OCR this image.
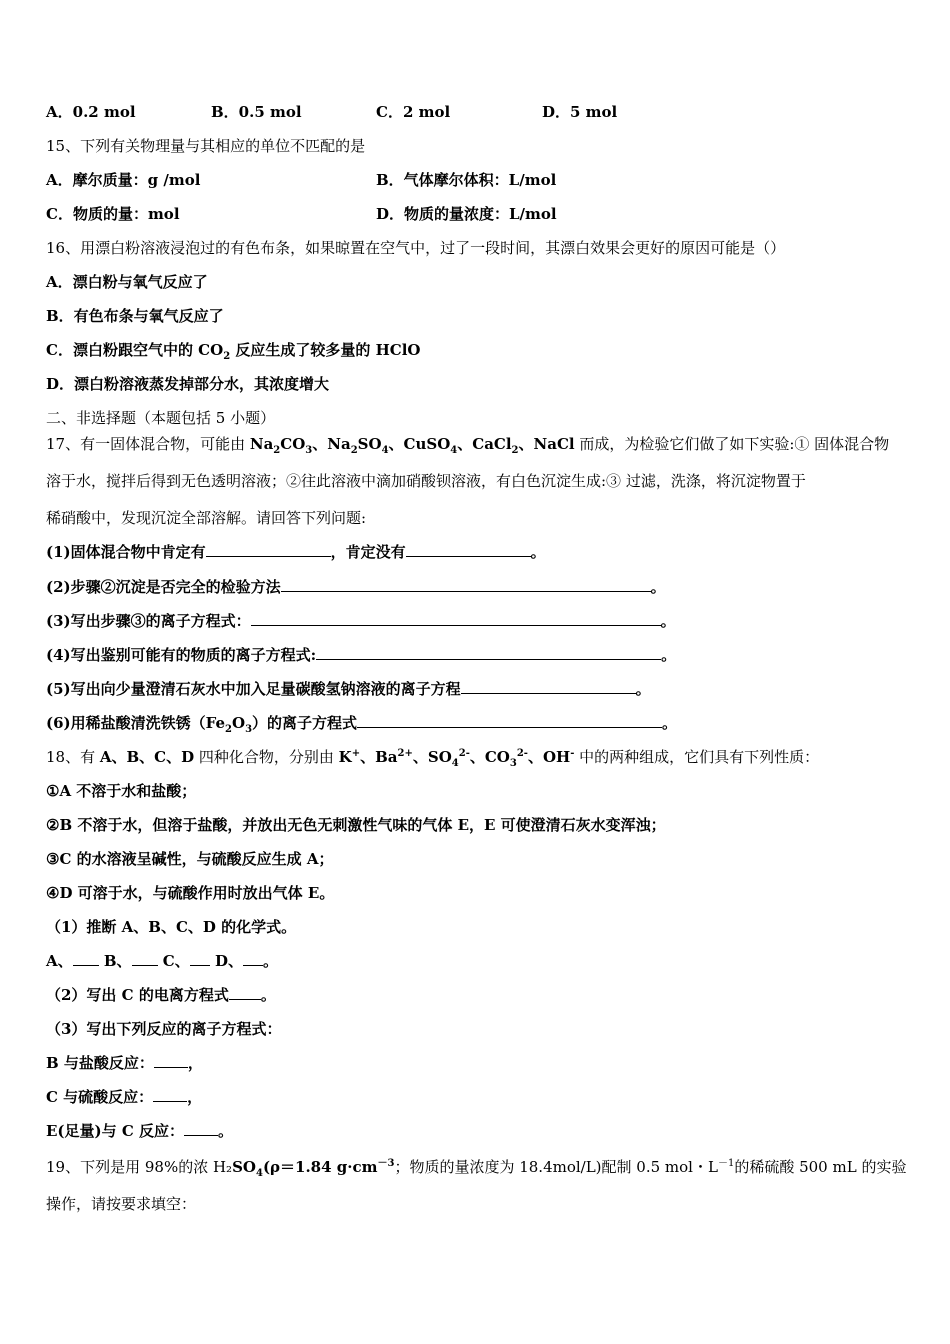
A．0.2 mol	B．0.5 mol	C．2 mol	D．5 mol
15、下列有关物理量与其相应的单位不匹配的是
A．摩尔质量：g /mol	B．气体摩尔体积：L/mol
C．物质的量：mol	D．物质的量浓度：L/mol
16、用漂白粉溶液浸泡过的有色布条，如果晾置在空气中，过了一段时间，其漂白效果会更好的原因可能是（）
A．漂白粉与氧气反应了
B．有色布条与氧气反应了
C．漂白粉跟空气中的 $CO_2$ 反应生成了较多量的 HClO
D．漂白粉溶液蒸发掉部分水，其浓度增大
二、非选择题（本题包括 5 小题）
17、有一固体混合物，可能由 $Na_2CO_3$、$Na_2SO_4$、CuSO$_4$、CaCl$_2$、NaCl 而成，为检验它们做了如下实验:① 固体混合物
溶于水，搅拌后得到无色透明溶液；②往此溶液中滴加硝酸钡溶液，有白色沉淀生成:③ 过滤，洗涤，将沉淀物置于
稀硝酸中，发现沉淀全部溶解。请回答下列问题:
(1)固体混合物中肯定有	，肯定没有	。
(2)步骤②沉淀是否完全的检验方法	。
(3)写出步骤③的离子方程式：	。
(4)写出鉴别可能有的物质的离子方程式:	。
(5)写出向少量澄清石灰水中加入足量碳酸氢钠溶液的离子方程	。
(6)用稀盐酸清洗铁锈$(Fe_2O_3)$的离子方程式	。
18、有 A、B、C、D 四种化合物，分别由 K+、$Ba^{2+}$、$SO_4^{2-}$、$CO_3^{2-}$、OH- 中的两种组成，它们具有下列性质：
①A 不溶于水和盐酸；
②B 不溶于水，但溶于盐酸，并放出无色无刺激性气味的气体 E，E 可使澄清石灰水变浑浊；
③C 的水溶液呈碱性，与硫酸反应生成 A；
④D 可溶于水，与硫酸作用时放出气体 E。
（1）推断 A、B、C、D 的化学式。
A、 B、 C、 D、 。
（2）写出 C 的电离方程式 。
（3）写出下列反应的离子方程式：
B 与盐酸反应： ，
C 与硫酸反应： ，
E(足量)与 C 反应： 。
19、下列是用 98%的浓 $H_2SO_4(\rho=1.84$ $g\cdot cm^{-3}$；物质的量浓度为 18.4mol/L)配制 0.5 mol・$L^{-1}$的稀硫酸 500 mL 的实验
操作，请按要求填空：
